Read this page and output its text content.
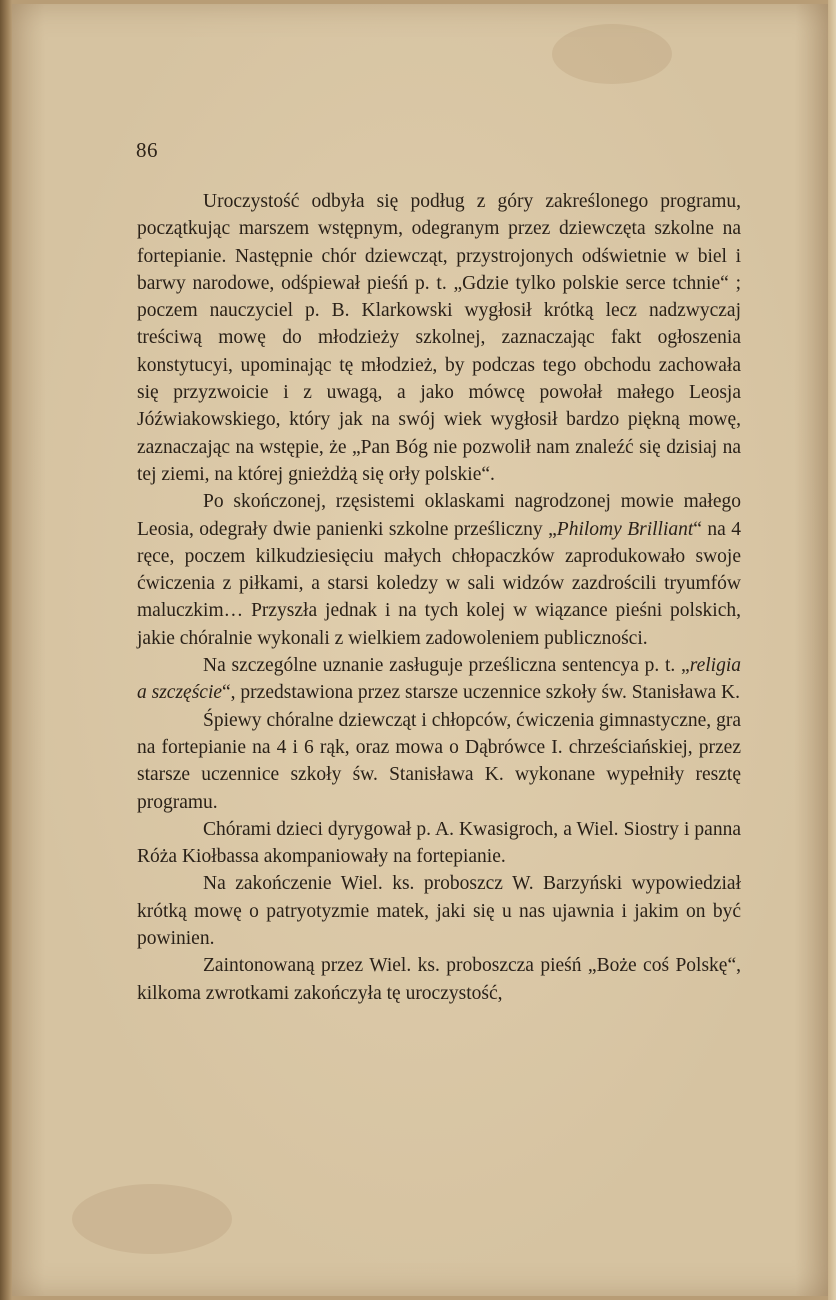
86

Uroczystość odbyła się podług z góry zakreślonego programu, początkując marszem wstępnym, odegranym przez dziewczęta szkolne na fortepianie. Następnie chór dziewcząt, przystrojonych odświetnie w biel i barwy narodowe, odśpiewał pieśń p. t. „Gdzie tylko polskie serce tchnie“ ; poczem nauczyciel p. B. Klarkowski wygłosił krótką lecz nadzwyczaj treściwą mowę do młodzieży szkolnej, zaznaczając fakt ogłoszenia konstytucyi, upominając tę młodzież, by podczas tego obchodu zachowała się przyzwoicie i z uwagą, a jako mówcę powołał małego Leosja Jóźwiakowskiego, który jak na swój wiek wygłosił bardzo piękną mowę, zaznaczając na wstępie, że „Pan Bóg nie pozwolił nam znaleźć się dzisiaj na tej ziemi, na której gnieżdżą się orły polskie“.

Po skończonej, rzęsistemi oklaskami nagrodzonej mowie małego Leosia, odegrały dwie panienki szkolne prześliczny „Philomy Brilliant“ na 4 ręce, poczem kilkudziesięciu małych chłopaczków zaprodukowało swoje ćwiczenia z piłkami, a starsi koledzy w sali widzów zazdrościli tryumfów maluczkim… Przyszła jednak i na tych kolej w wiązance pieśni polskich, jakie chóralnie wykonali z wielkiem zadowoleniem publiczności.

Na szczególne uznanie zasługuje prześliczna sentencya p. t. „religia a szczęście“, przedstawiona przez starsze uczennice szkoły św. Stanisława K.

Śpiewy chóralne dziewcząt i chłopców, ćwiczenia gimnastyczne, gra na fortepianie na 4 i 6 rąk, oraz mowa o Dąbrówce I. chrześciańskiej, przez starsze uczennice szkoły św. Stanisława K. wykonane wypełniły resztę programu.

Chórami dzieci dyrygował p. A. Kwasigroch, a Wiel. Siostry i panna Róża Kiołbassa akompaniowały na fortepianie.

Na zakończenie Wiel. ks. proboszcz W. Barzyński wypowiedział krótką mowę o patryotyzmie matek, jaki się u nas ujawnia i jakim on być powinien.

Zaintonowaną przez Wiel. ks. proboszcza pieśń „Boże coś Polskę“, kilkoma zwrotkami zakończyła tę uroczystość,
